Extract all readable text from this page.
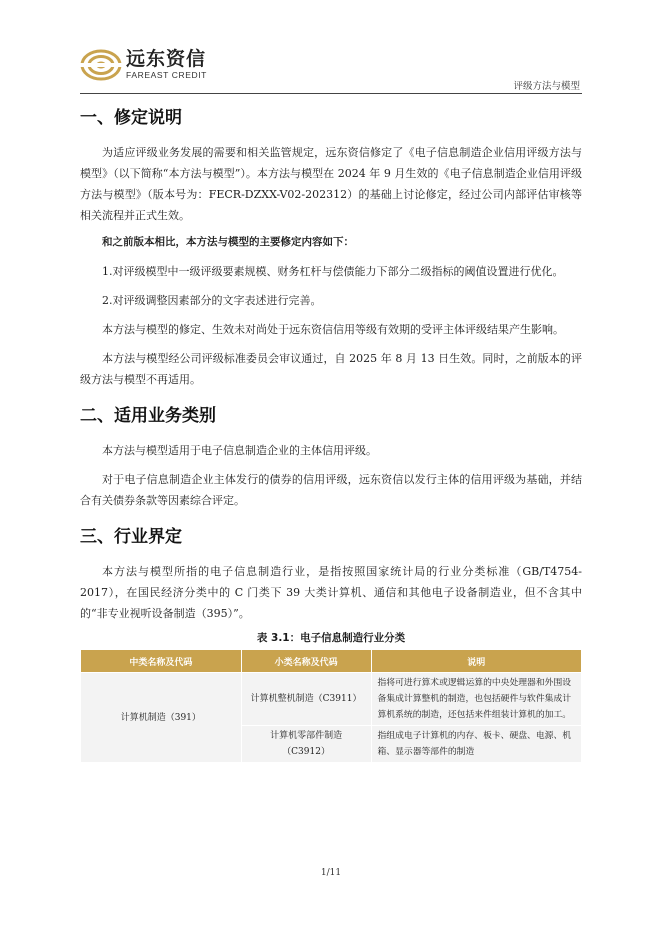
远东资信
FAREAST CREDIT
评级方法与模型
一、修定说明

为适应评级业务发展的需要和相关监管规定，远东资信修定了《电子信息制造企业信用评级方法与模型》（以下简称“本方法与模型”）。本方法与模型在 2024 年 9 月生效的《电子信息制造企业信用评级方法与模型》（版本号为：FECR-DZXX-V02-202312）的基础上讨论修定，经过公司内部评估审核等相关流程并正式生效。

和之前版本相比，本方法与模型的主要修定内容如下：

1.对评级模型中一级评级要素规模、财务杠杆与偿债能力下部分二级指标的阈值设置进行优化。

2.对评级调整因素部分的文字表述进行完善。

本方法与模型的修定、生效未对尚处于远东资信信用等级有效期的受评主体评级结果产生影响。

本方法与模型经公司评级标准委员会审议通过，自 2025 年 8 月 13 日生效。同时，之前版本的评级方法与模型不再适用。

二、适用业务类别

本方法与模型适用于电子信息制造企业的主体信用评级。

对于电子信息制造企业主体发行的债券的信用评级，远东资信以发行主体的信用评级为基础，并结合有关债券条款等因素综合评定。

三、行业界定

本方法与模型所指的电子信息制造行业，是指按照国家统计局的行业分类标准（GB/T4754-2017），在国民经济分类中的 C 门类下 39 大类计算机、通信和其他电子设备制造业，但不含其中的“非专业视听设备制造（395）”。

表 3.1：电子信息制造行业分类
中类名称及代码	小类名称及代码	说明
计算机制造（391）	计算机整机制造（C3911）	指将可进行算术或逻辑运算的中央处理器和外围设备集成计算整机的制造，也包括硬件与软件集成计算机系统的制造，还包括来件组装计算机的加工。
	计算机零部件制造（C3912）	指组成电子计算机的内存、板卡、硬盘、电源、机箱、显示器等部件的制造
1/11
